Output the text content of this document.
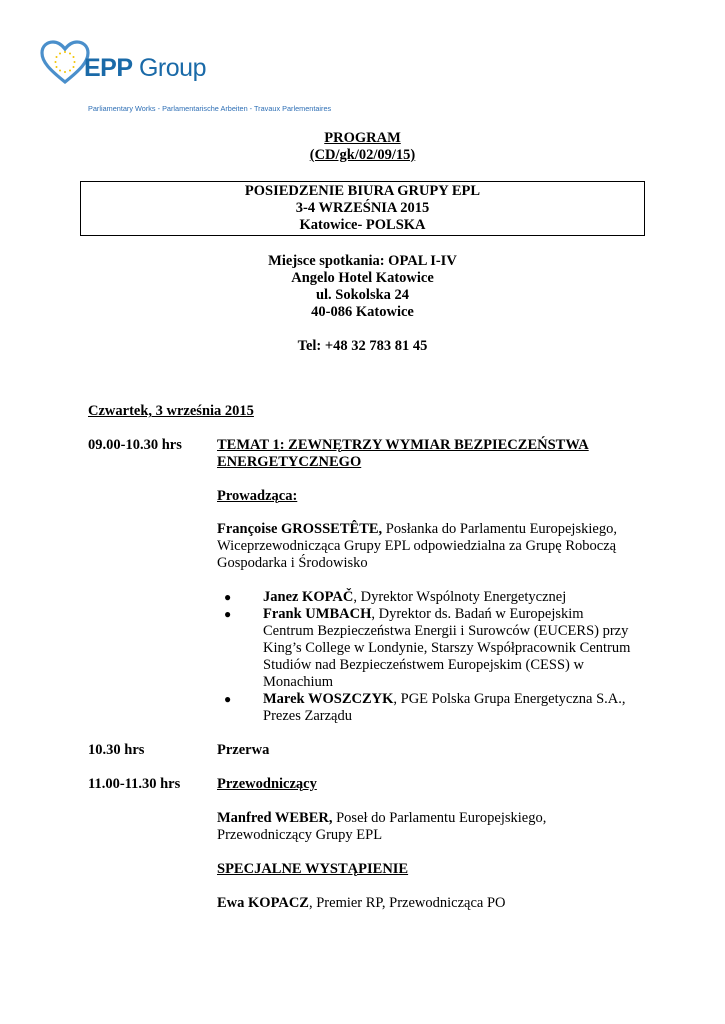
EPP Group
Parliamentary Works - Parlamentarische Arbeiten - Travaux Parlementaires
PROGRAM
(CD/gk/02/09/15)
POSIEDZENIE BIURA GRUPY EPL
3-4 WRZEŚNIA 2015
Katowice- POLSKA
Miejsce spotkania: OPAL I-IV
Angelo Hotel Katowice
ul. Sokolska 24
40-086 Katowice
Tel: +48 32 783 81 45
Czwartek, 3 września 2015
09.00-10.30 hrs TEMAT 1: ZEWNĘTRZY WYMIAR BEZPIECZEŃSTWA
ENERGETYCZNEGO
Prowadząca:
Françoise GROSSETÊTE, Posłanka do Parlamentu Europejskiego,
Wiceprzewodnicząca Grupy EPL odpowiedzialna za Grupę Roboczą
Gospodarka i Środowisko
● Janez KOPAČ, Dyrektor Wspólnoty Energetycznej
● Frank UMBACH, Dyrektor ds. Badań w Europejskim
Centrum Bezpieczeństwa Energii i Surowców (EUCERS) przy
King’s College w Londynie, Starszy Współpracownik Centrum
Studiów nad Bezpieczeństwem Europejskim (CESS) w
Monachium
● Marek WOSZCZYK, PGE Polska Grupa Energetyczna S.A.,
Prezes Zarządu
10.30 hrs	Przerwa
11.00-11.30 hrs	Przewodniczący
Manfred WEBER, Poseł do Parlamentu Europejskiego,
Przewodniczący Grupy EPL
SPECJALNE WYSTĄPIENIE
Ewa KOPACZ, Premier RP, Przewodnicząca PO
